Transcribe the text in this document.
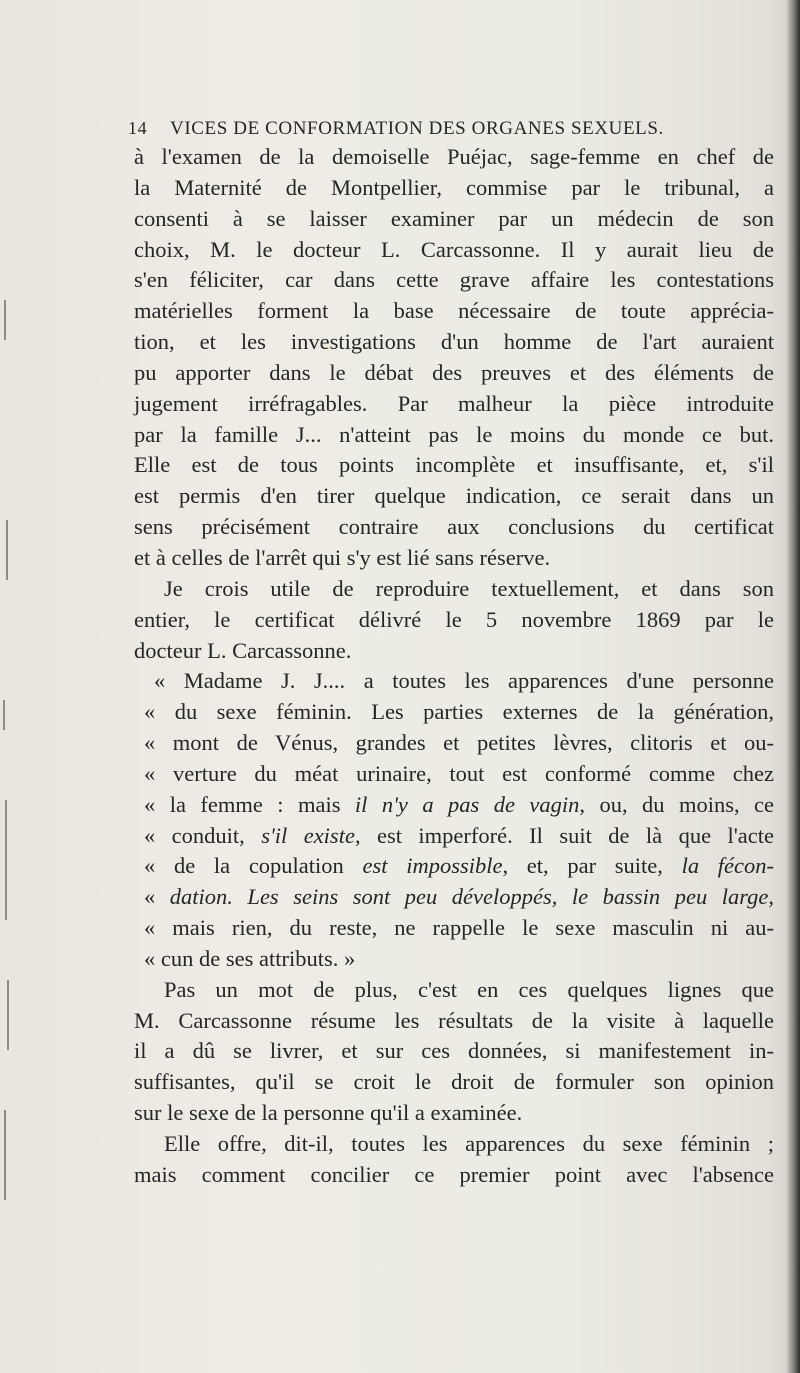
14 VICES DE CONFORMATION DES ORGANES SEXUELS.
à l'examen de la demoiselle Puéjac, sage-femme en chef de
la Maternité de Montpellier, commise par le tribunal, a
consenti à se laisser examiner par un médecin de son
choix, M. le docteur L. Carcassonne. Il y aurait lieu de
s'en féliciter, car dans cette grave affaire les contestations
matérielles forment la base nécessaire de toute apprécia-
tion, et les investigations d'un homme de l'art auraient
pu apporter dans le débat des preuves et des éléments de
jugement irréfragables. Par malheur la pièce introduite
par la famille J... n'atteint pas le moins du monde ce but.
Elle est de tous points incomplète et insuffisante, et, s'il
est permis d'en tirer quelque indication, ce serait dans un
sens précisément contraire aux conclusions du certificat
et à celles de l'arrêt qui s'y est lié sans réserve.
Je crois utile de reproduire textuellement, et dans son
entier, le certificat délivré le 5 novembre 1869 par le
docteur L. Carcassonne.
« Madame J. J.... a toutes les apparences d'une personne
« du sexe féminin. Les parties externes de la génération,
« mont de Vénus, grandes et petites lèvres, clitoris et ou-
« verture du méat urinaire, tout est conformé comme chez
« la femme : mais il n'y a pas de vagin, ou, du moins, ce
« conduit, s'il existe, est imperforé. Il suit de là que l'acte
« de la copulation est impossible, et, par suite, la fécon-
« dation. Les seins sont peu développés, le bassin peu large,
« mais rien, du reste, ne rappelle le sexe masculin ni au-
« cun de ses attributs. »
Pas un mot de plus, c'est en ces quelques lignes que
M. Carcassonne résume les résultats de la visite à laquelle
il a dû se livrer, et sur ces données, si manifestement in-
suffisantes, qu'il se croit le droit de formuler son opinion
sur le sexe de la personne qu'il a examinée.
Elle offre, dit-il, toutes les apparences du sexe féminin ;
mais comment concilier ce premier point avec l'absence
